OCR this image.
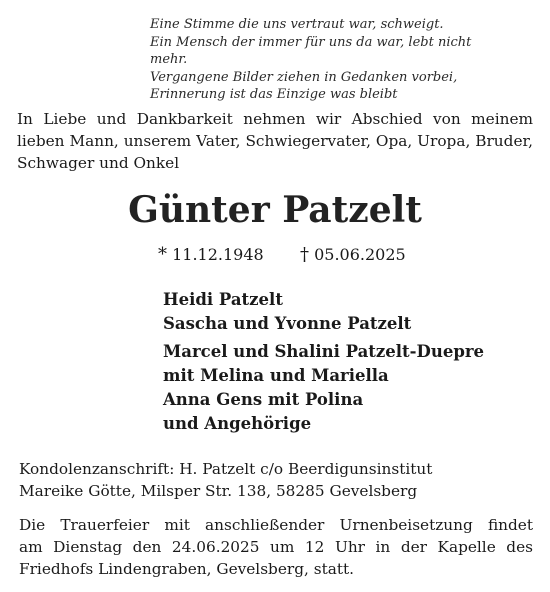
Eine Stimme die uns vertraut war, schweigt.
Ein Mensch der immer für uns da war, lebt nicht
mehr.
Vergangene Bilder ziehen in Gedanken vorbei,
Erinnerung ist das Einzige was bleibt
In Liebe und Dankbarkeit nehmen wir Abschied von meinem lieben Mann, unserem Vater, Schwiegervater, Opa, Uropa, Bruder, Schwager und Onkel
Günter Patzelt
* 11.12.1948 † 05.06.2025
Heidi Patzelt
Sascha und Yvonne Patzelt
Marcel und Shalini Patzelt-Duepre
mit Melina und Mariella
Anna Gens mit Polina
und Angehörige
Kondolenzanschrift: H. Patzelt c/o Beerdigunsinstitut
Mareike Götte, Milsper Str. 138, 58285 Gevelsberg
Die Trauerfeier mit anschließender Urnenbeisetzung findet
am Dienstag den 24.06.2025 um 12 Uhr in der Kapelle des
Friedhofs Lindengraben, Gevelsberg, statt.
